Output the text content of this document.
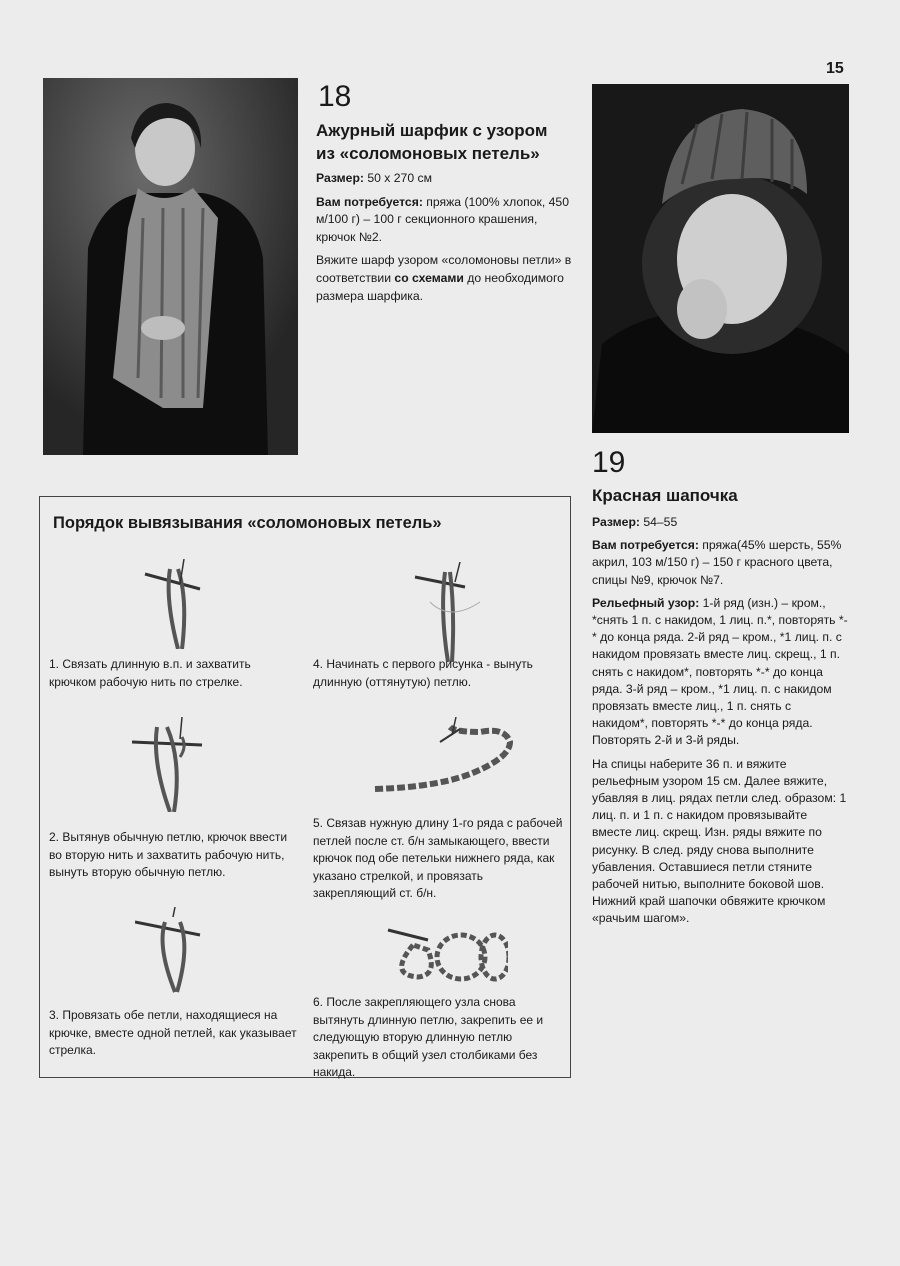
15
18
Ажурный шарфик с узором
из «соломоновых петель»

Размер: 50 x 270 см

Вам потребуется: пряжа (100% хлопок, 450 м/100 г) – 100 г секционного крашения, крючок №2.

Вяжите шарф узором «соломоновы петли» в соответствии со схемами до необходимого размера шарфика.

19
Красная шапочка

Размер: 54–55

Вам потребуется: пряжа(45% шерсть, 55% акрил, 103 м/150 г) – 150 г красного цвета, спицы №9, крючок №7.

Рельефный узор: 1-й ряд (изн.) – кром., *снять 1 п. с накидом, 1 лиц. п.*, повторять *-* до конца ряда. 2-й ряд – кром., *1 лиц. п. с накидом провязать вместе лиц. скрещ., 1 п. снять с накидом*, повторять *-* до конца ряда. 3-й ряд – кром., *1 лиц. п. с накидом провязать вместе лиц., 1 п. снять с накидом*, повторять *-* до конца ряда. Повторять 2-й и 3-й ряды.

На спицы наберите 36 п. и вяжите рельефным узором 15 см. Далее вяжите, убавляя в лиц. рядах петли след. образом: 1 лиц. п. и 1 п. с накидом провязывайте вместе лиц. скрещ. Изн. ряды вяжите по рисунку. В след. ряду снова выполните убавления. Оставшиеся петли стяните рабочей нитью, выполните боковой шов. Нижний край шапочки обвяжите крючком «рачьим шагом».

Порядок вывязывания «соломоновых петель»
1. Связать длинную в.п. и захватить крючком рабочую нить по стрелке.
2. Вытянув обычную петлю, крючок ввести во вторую нить и захватить рабочую нить, вынуть вторую обычную петлю.
3. Провязать обе петли, находящиеся на крючке, вместе одной петлей, как указывает стрелка.
4. Начинать с первого рисунка - вынуть длинную (оттянутую) петлю.
5. Связав нужную длину 1-го ряда с рабочей петлей после ст. б/н замыкающего, ввести крючок под обе петельки нижнего ряда, как указано стрелкой, и провязать закрепляющий ст. б/н.
6. После закрепляющего узла снова вытянуть длинную петлю, закрепить ее и следующую вторую длинную петлю закрепить в общий узел столбиками без накида.
